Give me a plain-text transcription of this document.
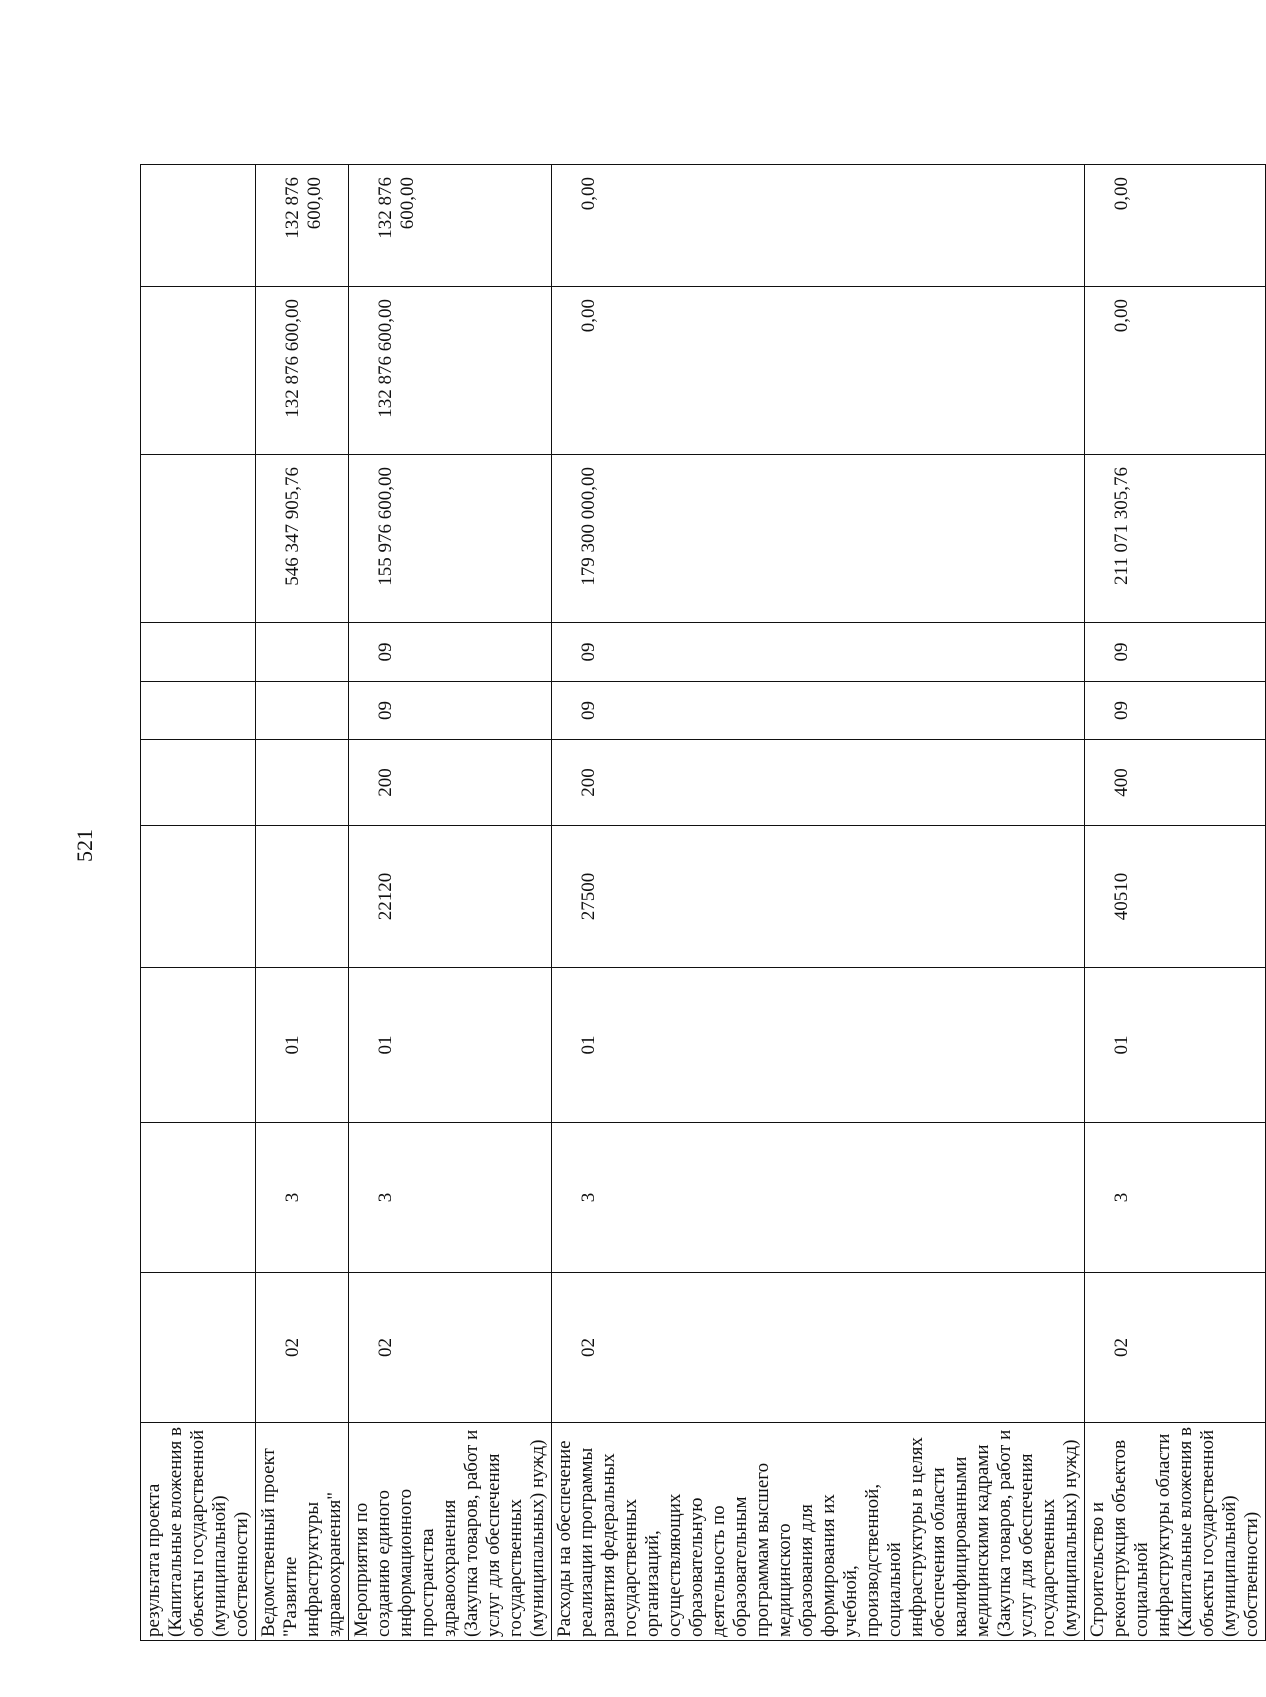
521
результата проекта (Капитальные вложения в объекты государственной (муниципальной) собственности)										
Ведомственный проект "Развитие инфраструктуры здравоохранения"	02	3	01					546 347 905,76	132 876 600,00	132 876 600,00
Мероприятия по созданию единого информационного пространства здравоохранения (Закупка товаров, работ и услуг для обеспечения государственных (муниципальных) нужд)	02	3	01	22120	200	09	09	155 976 600,00	132 876 600,00	132 876 600,00
Расходы на обеспечение реализации программы развития федеральных государственных организаций, осуществляющих образовательную деятельность по образовательным программам высшего медицинского образования для формирования их учебной, производственной, социальной инфраструктуры в целях обеспечения области квалифицированными медицинскими кадрами (Закупка товаров, работ и услуг для обеспечения государственных (муниципальных) нужд)	02	3	01	27500	200	09	09	179 300 000,00	0,00	0,00
Строительство и реконструкция объектов социальной инфраструктуры области (Капитальные вложения в объекты государственной (муниципальной) собственности)	02	3	01	40510	400	09	09	211 071 305,76	0,00	0,00
